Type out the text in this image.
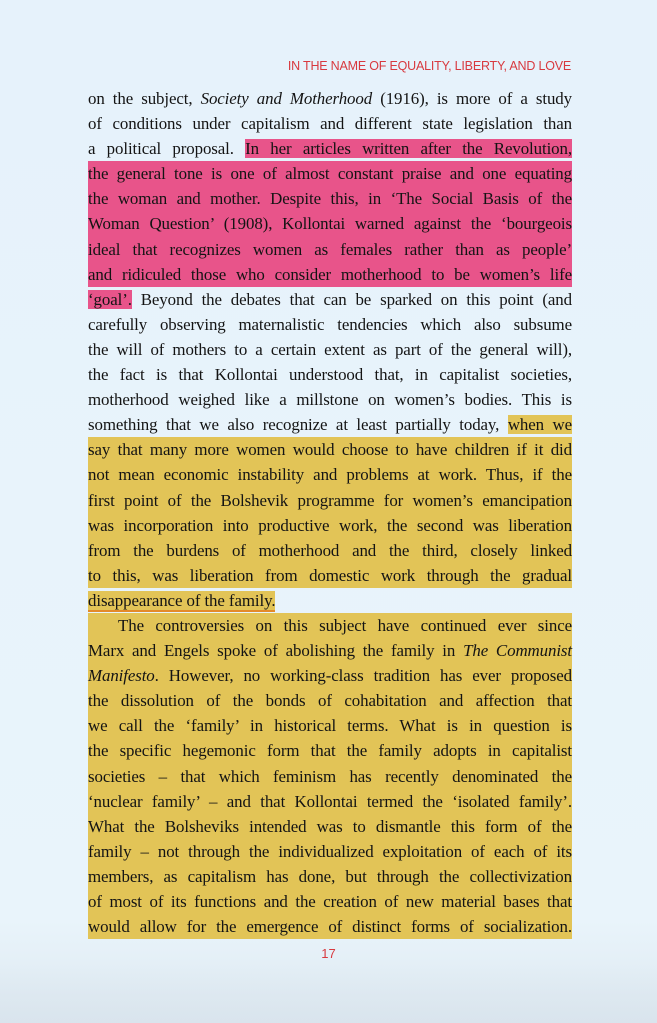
IN THE NAME OF EQUALITY, LIBERTY, AND LOVE
on the subject, Society and Motherhood (1916), is more of a study
of conditions under capitalism and different state legislation than
a political proposal. In her articles written after the Revolution,
the general tone is one of almost constant praise and one equating
the woman and mother. Despite this, in ‘The Social Basis of the
Woman Question’ (1908), Kollontai warned against the ‘bourgeois
ideal that recognizes women as females rather than as people’
and ridiculed those who consider motherhood to be women’s life
‘goal’. Beyond the debates that can be sparked on this point (and
carefully observing maternalistic tendencies which also subsume
the will of mothers to a certain extent as part of the general will),
the fact is that Kollontai understood that, in capitalist societies,
motherhood weighed like a millstone on women’s bodies. This is
something that we also recognize at least partially today, when we
say that many more women would choose to have children if it did
not mean economic instability and problems at work. Thus, if the
first point of the Bolshevik programme for women’s emancipation
was incorporation into productive work, the second was liberation
from the burdens of motherhood and the third, closely linked
to this, was liberation from domestic work through the gradual
disappearance of the family.
The controversies on this subject have continued ever since
Marx and Engels spoke of abolishing the family in The Communist
Manifesto. However, no working-class tradition has ever proposed
the dissolution of the bonds of cohabitation and affection that
we call the ‘family’ in historical terms. What is in question is
the specific hegemonic form that the family adopts in capitalist
societies – that which feminism has recently denominated the
‘nuclear family’ – and that Kollontai termed the ‘isolated family’.
What the Bolsheviks intended was to dismantle this form of the
family – not through the individualized exploitation of each of its
members, as capitalism has done, but through the collectivization
of most of its functions and the creation of new material bases that
would allow for the emergence of distinct forms of socialization.
17
